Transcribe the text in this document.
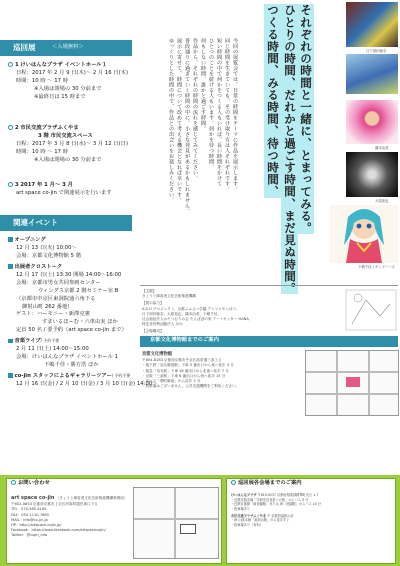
巡回展	＜入場無料＞
1 けいはんなプラザ イベントホール１
日程：2017 年 2 月 9 日(木)〜 2 月 16 日(木)
時間：10 時 〜 17 時
※入場は閉場の 30 分前まで
※最終日は 15 時まで
2 市民交流プラザふくやま
3 階 市民交流スペース
日程：2017 年 3 月 8 日(水)〜 3 月 12 日(日)
時間：10 時 〜 17 時
※入場は閉場の 30 分前まで
3 2017 年 1 月〜 3 月
art space co-jin で関連展示を行います
関連イベント
オープニング
12 月 13 日(火) 10:00〜
会場：京都文化博物館 5 階
出展者クロストーク
12 月 17 日(土) 13:30 開場 14:00〜16:00
会場：京都市男女共同参画センター
ウィングス京都 2 階セミナー室 B
（京都市中京区東洞院通六角下る
御射山町 262 番地）
ゲスト：ハーモニー・新澤克憲
すまいるほーむ・六車由実 ほか
定員 50 名 / 要予約（art space co-jin まで）
音楽ライブ/ 予約不要
2 月 11 日(土) 14:00〜15:00
会場：けいはんなプラザ イベントホール 1
下嶋千佳・勝方浩 ほか
co-jin スタッフによるギャラリーツアー/ 予約不要
12 月 16 日(金) / 2 月 10 日(金) / 3 月 10 日(金) 14:00〜
つくる時間、みる時間、待つ時間、 ひとりの時間、だれかと過ごす時間、まだ見ぬ時間。 それぞれの時間と一緒に、とまってみる。
今回の展覧会では、日常の時間をテーマに作品を展示します。
同じ時間を生きていても、その受け取り方は人それぞれです。
短い時間の中で何かをつくる人もいれば、長い時間をかけて
ひとつのことを続ける人もいます。何かを待つ時間、
何もしない時間、誰かと過ごす時間。
作品から、それぞれの時間の流れを感じてみてください。
普段通りに過ぎていく時間の中に、小さな発見があるかもしれません。
展示に寄せて、時間について改めて考える機会となれば幸いです。
ゆっくりとした時間の中で、作品との出会いをお楽しみください。	日下部紗綾奈
播本由美
大原拓也
下嶋千佳 / ダンプノーズ
【主催】
きょうと障害者文化芸術推進機構
【展示協力】
A.S.O プロジェクト、京都ふぁみつ学園 アトリエやっほう、
日下部紗綾奈、大原拓也、播本由美、下嶋千佳、
社会福祉法人かたつむりの会 たんぽぽの家 アートセンター HANA、
特定非営利活動法人 ほか
【会場構成】
京都文化博物館までのご案内
京都文化博物館
〒604-8183 京都府京都市中京区高倉通三条上る
・地下鉄「烏丸御池駅」下車 5 番出口から東へ徒歩 3 分
・阪急「烏丸駅」下車 16 番出口から北東へ徒歩 7 分
・京阪「三条駅」下車 6 番出口から西へ徒歩 15 分
・市バス「堺町御池」から徒歩 2 分
・駐車場はございません。公共交通機関をご利用ください。
お問い合わせ
art space co-jin （きょうと障害者文化芸術推進機構事務局）
〒602-0853 京都府京都市上京区河原町通荒神口下る
TEL：075-585-4165
FAX：050-1110-7665
MAIL：info@co-jin.jp
HP：http://artspace-cojin.jp/
Facebook：https://www.facebook.com/artspacecojin/
Twitter：@cojin_info
巡回展各会場までのご案内
けいはんなプラザ 〒619-0237 京都府相楽郡精華町光台 1-7
・近鉄京阪奈線「学研奈良登美ヶ丘駅」からバス 5 分
・近鉄京都線「新祝園駅」または JR「祝園駅」からバス 10 分
・駐車場あり
市民交流プラザふくやま 〒 京都府福知山市
・JR 山陰本線「福知山駅」から徒歩すぐ
・駐車場あり（有料）
